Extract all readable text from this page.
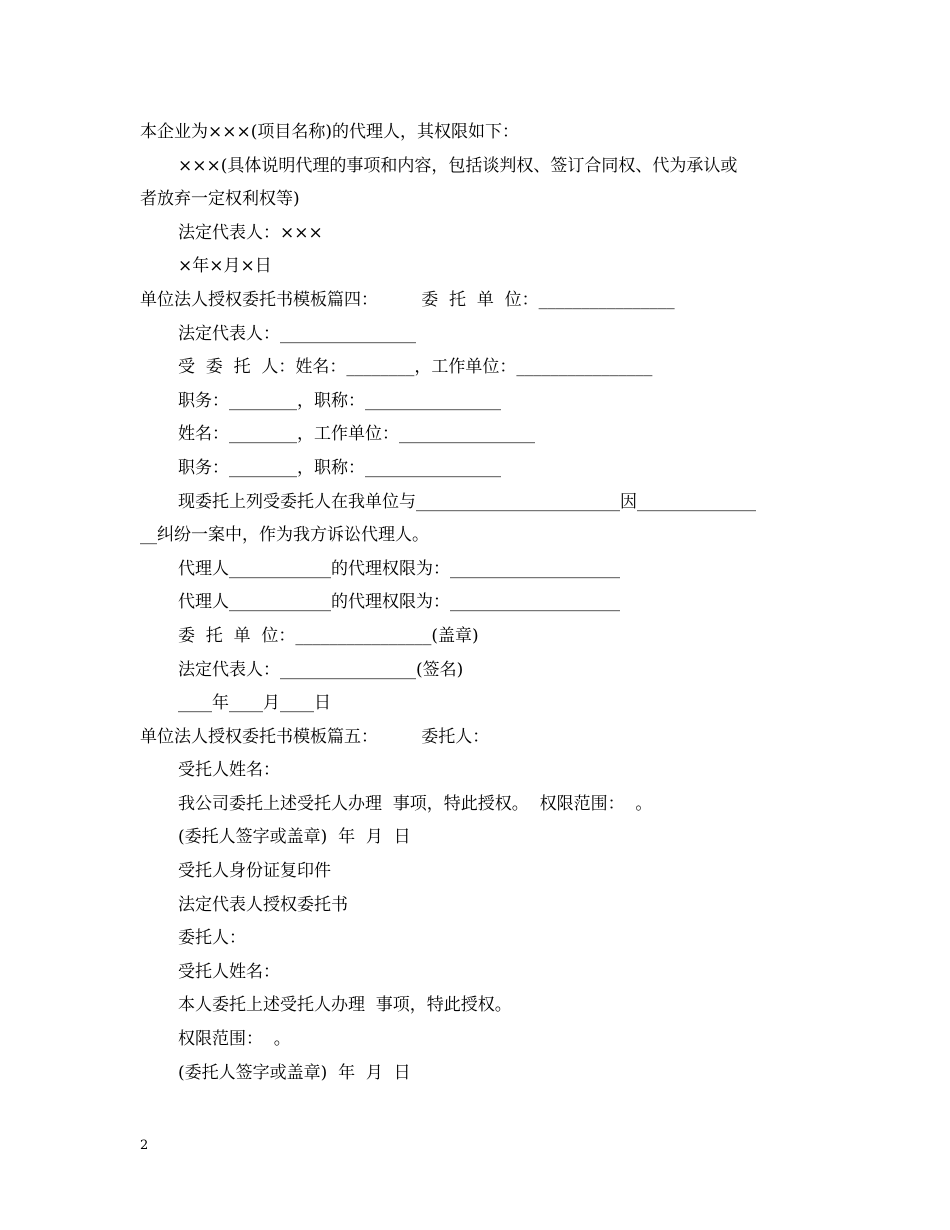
本企业为×××(项目名称)的代理人，其权限如下：
×××(具体说明代理的事项和内容，包括谈判权、签订合同权、代为承认或
者放弃一定权利权等)
法定代表人：×××
×年×月×日
单位法人授权委托书模板篇四：        委  托  单  位：________________
法定代表人：________________
受  委  托  人：姓名：________，工作单位：________________
职务：________，职称：________________
姓名：________，工作单位：________________
职务：________，职称：________________
现委托上列受委托人在我单位与________________________因______________
__纠纷一案中，作为我方诉讼代理人。
代理人____________的代理权限为：____________________
代理人____________的代理权限为：____________________
委  托  单  位：________________(盖章)
法定代表人：________________(签名)
____年____月____日
单位法人授权委托书模板篇五：        委托人：
受托人姓名：
我公司委托上述受托人办理  事项，特此授权。  权限范围：  。
(委托人签字或盖章)  年  月  日
受托人身份证复印件
法定代表人授权委托书
委托人：
受托人姓名：
本人委托上述受托人办理  事项，特此授权。
权限范围：  。
(委托人签字或盖章)  年  月  日
2
